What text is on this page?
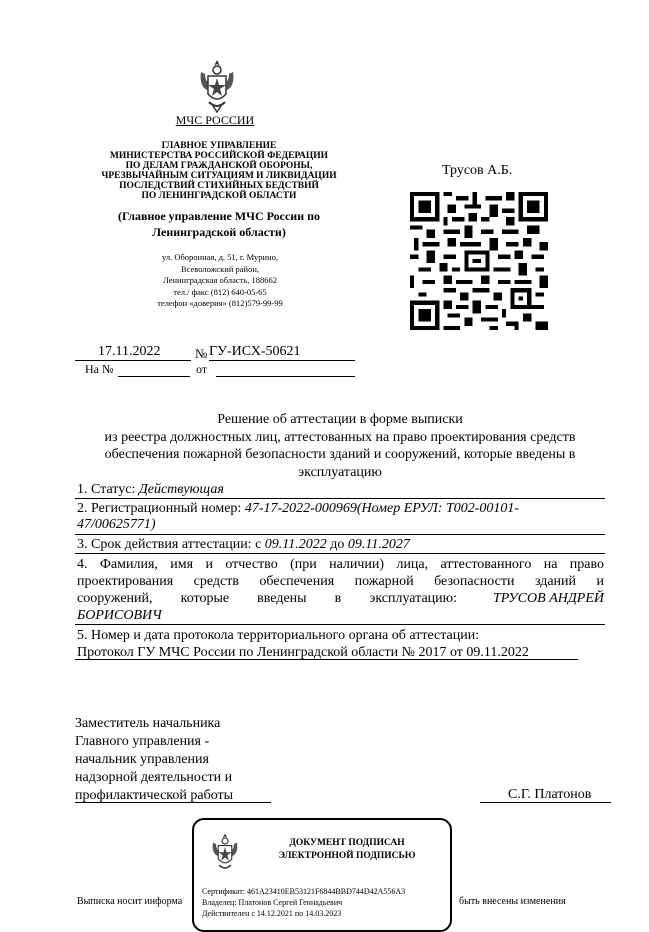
МЧС РОССИИ
ГЛАВНОЕ УПРАВЛЕНИЕ
МИНИСТЕРСТВА РОССИЙСКОЙ ФЕДЕРАЦИИ
ПО ДЕЛАМ ГРАЖДАНСКОЙ ОБОРОНЫ,
ЧРЕЗВЫЧАЙНЫМ СИТУАЦИЯМ И ЛИКВИДАЦИИ
ПОСЛЕДСТВИЙ СТИХИЙНЫХ БЕДСТВИЙ
ПО ЛЕНИНГРАДСКОЙ ОБЛАСТИ
(Главное управление МЧС России по
Ленинградской области)
ул. Оборонная, д. 51, г. Мурино,
Всеволожский район,
Ленинградская область, 188662
тел./ факс (812) 640-05-65
телефон «доверия» (812)579-99-99
Трусов А.Б.
17.11.2022	№ ГУ-ИСХ-50621
На №	от
Решение об аттестации в форме выписки
из реестра должностных лиц, аттестованных на право проектирования средств
обеспечения пожарной безопасности зданий и сооружений, которые введены в
эксплуатацию
1. Статус: Действующая
2. Регистрационный номер: 47-17-2022-000969(Номер ЕРУЛ: T002-00101-
47/00625771)
3. Срок действия аттестации: с 09.11.2022 до 09.11.2027
4. Фамилия, имя и отчество (при наличии) лица, аттестованного на право
проектирования средств обеспечения пожарной безопасности зданий и
сооружений, которые введены в эксплуатацию:	ТРУСОВ АНДРЕЙ
БОРИСОВИЧ
5. Номер и дата протокола территориального органа об аттестации:
Протокол ГУ МЧС России по Ленинградской области № 2017 от 09.11.2022
Заместитель начальника
Главного управления -
начальник управления
надзорной деятельности и
профилактической работы	С.Г. Платонов
Выписка носит информа	быть внесены изменения
ДОКУМЕНТ ПОДПИСАН
ЭЛЕКТРОННОЙ ПОДПИСЬЮ
Сертификат: 461A23410EB53121F6844BBD744D42A556A3
Владелец: Платонов Сергей Геннадьевич
Действителен с 14.12.2021 по 14.03.2023
